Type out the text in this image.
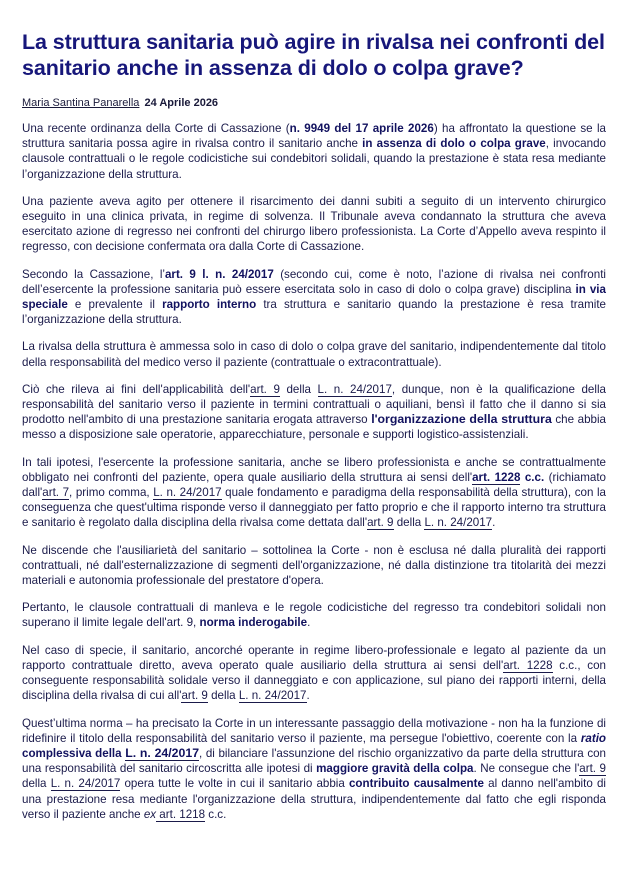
La struttura sanitaria può agire in rivalsa nei confronti del sanitario anche in assenza di dolo o colpa grave?
Maria Santina Panarella 24 Aprile 2026

Una recente ordinanza della Corte di Cassazione (n. 9949 del 17 aprile 2026) ha affrontato la questione se la struttura sanitaria possa agire in rivalsa contro il sanitario anche in assenza di dolo o colpa grave, invocando clausole contrattuali o le regole codicistiche sui condebitori solidali, quando la prestazione è stata resa mediante l’organizzazione della struttura.

Una paziente aveva agito per ottenere il risarcimento dei danni subiti a seguito di un intervento chirurgico eseguito in una clinica privata, in regime di solvenza. Il Tribunale aveva condannato la struttura che aveva esercitato azione di regresso nei confronti del chirurgo libero professionista. La Corte d’Appello aveva respinto il regresso, con decisione confermata ora dalla Corte di Cassazione.

Secondo la Cassazione, l’art. 9 l. n. 24/2017 (secondo cui, come è noto, l’azione di rivalsa nei confronti dell’esercente la professione sanitaria può essere esercitata solo in caso di dolo o colpa grave) disciplina in via speciale e prevalente il rapporto interno tra struttura e sanitario quando la prestazione è resa tramite l’organizzazione della struttura.

La rivalsa della struttura è ammessa solo in caso di dolo o colpa grave del sanitario, indipendentemente dal titolo della responsabilità del medico verso il paziente (contrattuale o extracontrattuale).

Ciò che rileva ai fini dell'applicabilità dell'art. 9 della L. n. 24/2017, dunque, non è la qualificazione della responsabilità del sanitario verso il paziente in termini contrattuali o aquiliani, bensì il fatto che il danno si sia prodotto nell'ambito di una prestazione sanitaria erogata attraverso l'organizzazione della struttura che abbia messo a disposizione sale operatorie, apparecchiature, personale e supporti logistico-assistenziali.

In tali ipotesi, l'esercente la professione sanitaria, anche se libero professionista e anche se contrattualmente obbligato nei confronti del paziente, opera quale ausiliario della struttura ai sensi dell'art. 1228 c.c. (richiamato dall'art. 7, primo comma, L. n. 24/2017 quale fondamento e paradigma della responsabilità della struttura), con la conseguenza che quest'ultima risponde verso il danneggiato per fatto proprio e che il rapporto interno tra struttura e sanitario è regolato dalla disciplina della rivalsa come dettata dall'art. 9 della L. n. 24/2017.

Ne discende che l'ausiliarietà del sanitario – sottolinea la Corte - non è esclusa né dalla pluralità dei rapporti contrattuali, né dall'esternalizzazione di segmenti dell'organizzazione, né dalla distinzione tra titolarità dei mezzi materiali e autonomia professionale del prestatore d'opera.

Pertanto, le clausole contrattuali di manleva e le regole codicistiche del regresso tra condebitori solidali non superano il limite legale dell'art. 9, norma inderogabile.

Nel caso di specie, il sanitario, ancorché operante in regime libero-professionale e legato al paziente da un rapporto contrattuale diretto, aveva operato quale ausiliario della struttura ai sensi dell'art. 1228 c.c., con conseguente responsabilità solidale verso il danneggiato e con applicazione, sul piano dei rapporti interni, della disciplina della rivalsa di cui all'art. 9 della L. n. 24/2017.

Quest’ultima norma – ha precisato la Corte in un interessante passaggio della motivazione - non ha la funzione di ridefinire il titolo della responsabilità del sanitario verso il paziente, ma persegue l'obiettivo, coerente con la ratio complessiva della L. n. 24/2017, di bilanciare l'assunzione del rischio organizzativo da parte della struttura con una responsabilità del sanitario circoscritta alle ipotesi di maggiore gravità della colpa. Ne consegue che l'art. 9 della L. n. 24/2017 opera tutte le volte in cui il sanitario abbia contribuito causalmente al danno nell'ambito di una prestazione resa mediante l'organizzazione della struttura, indipendentemente dal fatto che egli risponda verso il paziente anche ex art. 1218 c.c.
